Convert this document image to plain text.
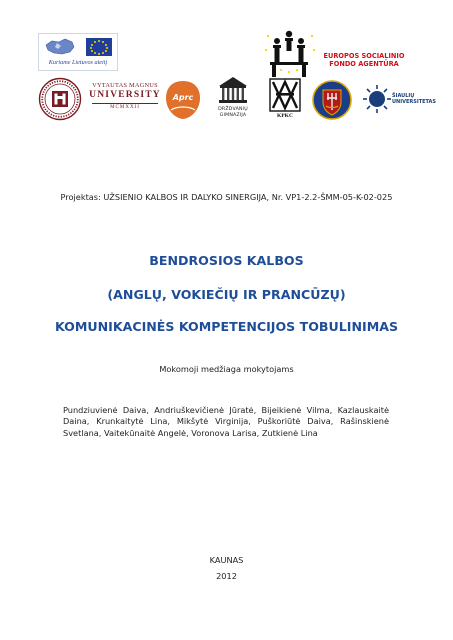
Kuriame Lietuvos ateitį
EUROPOS SOCIALINIO
FONDO AGENTŪRA
VYTAUTAS MAGNUS
UNIVERSITY
MCMXXII
Aprc
DRŽDVANIŲ
GIMNAZIJA	KPKC
ŠIAULIŲ
UNIVERSITETAS
Projektas: UŽSIENIO KALBOS IR DALYKO SINERGIJA, Nr. VP1-2.2-ŠMM-05-K-02-025
BENDROSIOS KALBOS
(ANGLŲ, VOKIEČIŲ IR PRANCŪZŲ)
KOMUNIKACINĖS KOMPETENCIJOS TOBULINIMAS
Mokomoji medžiaga mokytojams
Pundziuvienė Daiva, Andriuškevičienė Jūratė, Bijeikienė Vilma, Kazlauskaitė Daina, Krunkaitytė Lina, Mikšytė Virginija, Puškoriūtė Daiva, Rašinskienė Svetlana, Vaitekūnaitė Angelė, Voronova Larisa, Zutkienė Lina
KAUNAS
2012
